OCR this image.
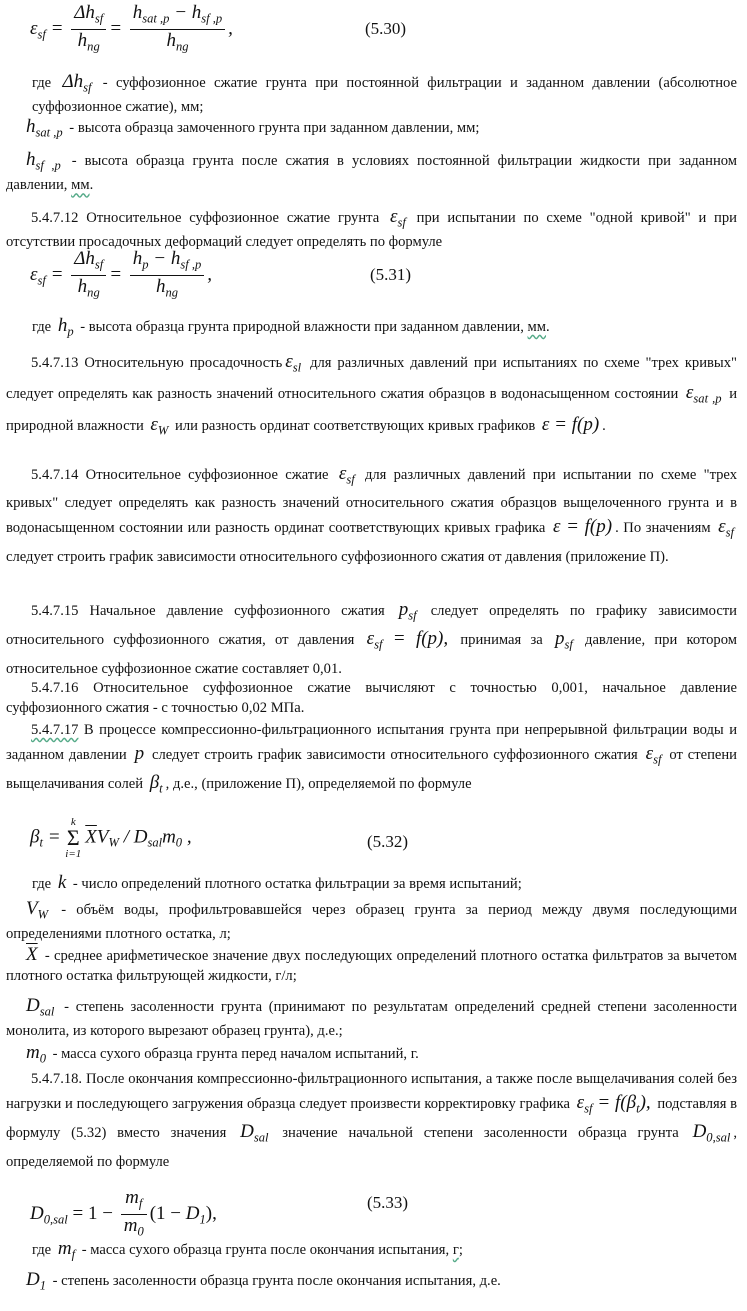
$\varepsilon_{sf} = \frac{\Delta h_{sf}}{h_{ng}} = \frac{h_{sat ,p} - h_{sf ,p}}{h_{ng}}$ ,	(5.30)
где $\Delta h_{sf}$ - суффозионное сжатие грунта при постоянной фильтрации и заданном давлении (абсолютное суффозионное сжатие), мм;
$h_{sat ,p}$ - высота образца замоченного грунта при заданном давлении, мм;
$h_{sf ,p}$ - высота образца грунта после сжатия в условиях постоянной фильтрации жидкости при заданном давлении, мм.
5.4.7.12 Относительное суффозионное сжатие грунта $\varepsilon_{sf}$ при испытании по схеме "одной кривой" и при отсутствии просадочных деформаций следует определять по формуле
$\varepsilon_{sf} = \frac{\Delta h_{sf}}{h_{ng}} = \frac{h_p - h_{sf ,p}}{h_{ng}}$ ,	(5.31)
где $h_p$ - высота образца грунта природной влажности при заданном давлении, мм.
5.4.7.13 Относительную просадочность $\varepsilon_{sl}$ для различных давлений при испытаниях по схеме "трех кривых" следует определять как разность значений относительного сжатия образцов в водонасыщенном состоянии $\varepsilon_{sat ,p}$ и природной влажности $\varepsilon_W$ или разность ординат соответствующих кривых графиков ε = f(p) .
5.4.7.14 Относительное суффозионное сжатие $\varepsilon_{sf}$ для различных давлений при испытании по схеме "трех кривых" следует определять как разность значений относительного сжатия образцов выщелоченного грунта и в водонасыщенном состоянии или разность ординат соответствующих кривых графика ε = f(p) . По значениям $\varepsilon_{sf}$ следует строить график зависимости относительного суффозионного сжатия от давления (приложение П).
5.4.7.15 Начальное давление суффозионного сжатия $p_{sf}$ следует определять по графику зависимости относительного суффозионного сжатия, от давления $\varepsilon_{sf} = f(p)$, принимая за $p_{sf}$ давление, при котором относительное суффозионное сжатие составляет 0,01.
5.4.7.16 Относительное суффозионное сжатие вычисляют с точностью 0,001, начальное давление суффозионного сжатия - с точностью 0,02 МПа.
5.4.7.17 В процессе компрессионно-фильтрационного испытания грунта при непрерывной фильтрации воды и заданном давлении p следует строить график зависимости относительного суффозионного сжатия $\varepsilon_{sf}$ от степени выщелачивания солей $\beta_t$ , д.е., (приложение П), определяемой по формуле
$\beta_t$ =
k
Σ
i=1
$\overline{X}V_W / D_{sal}m_0$ ,	(5.32)
где k - число определений плотного остатка фильтрации за время испытаний;
$V_W$ - объём воды, профильтровавшейся через образец грунта за период между двумя последующими определениями плотного остатка, л;
$\overline{X}$ - среднее арифметическое значение двух последующих определений плотного остатка фильтратов за вычетом плотного остатка фильтрующей жидкости, г/л;
$D_{sal}$ - степень засоленности грунта (принимают по результатам определений средней степени засоленности монолита, из которого вырезают образец грунта), д.е.;
$m_0$ - масса сухого образца грунта перед началом испытаний, г.
5.4.7.18. После окончания компрессионно-фильтрационного испытания, а также после выщелачивания солей без нагрузки и последующего загружения образца следует произвести корректировку графика $\varepsilon_{sf} = f(\beta_t)$, подставляя в формулу (5.32) вместо значения $D_{sal}$ значение начальной степени засоленности образца грунта $D_{0,sal}$ , определяемой по формуле
$D_{0,sal} = 1 - \frac{m_f}{m_0} (1 - D_1)$,
(5.33)
где $m_f$ - масса сухого образца грунта после окончания испытания, г;
$D_1$ - степень засоленности образца грунта после окончания испытания, д.е.
